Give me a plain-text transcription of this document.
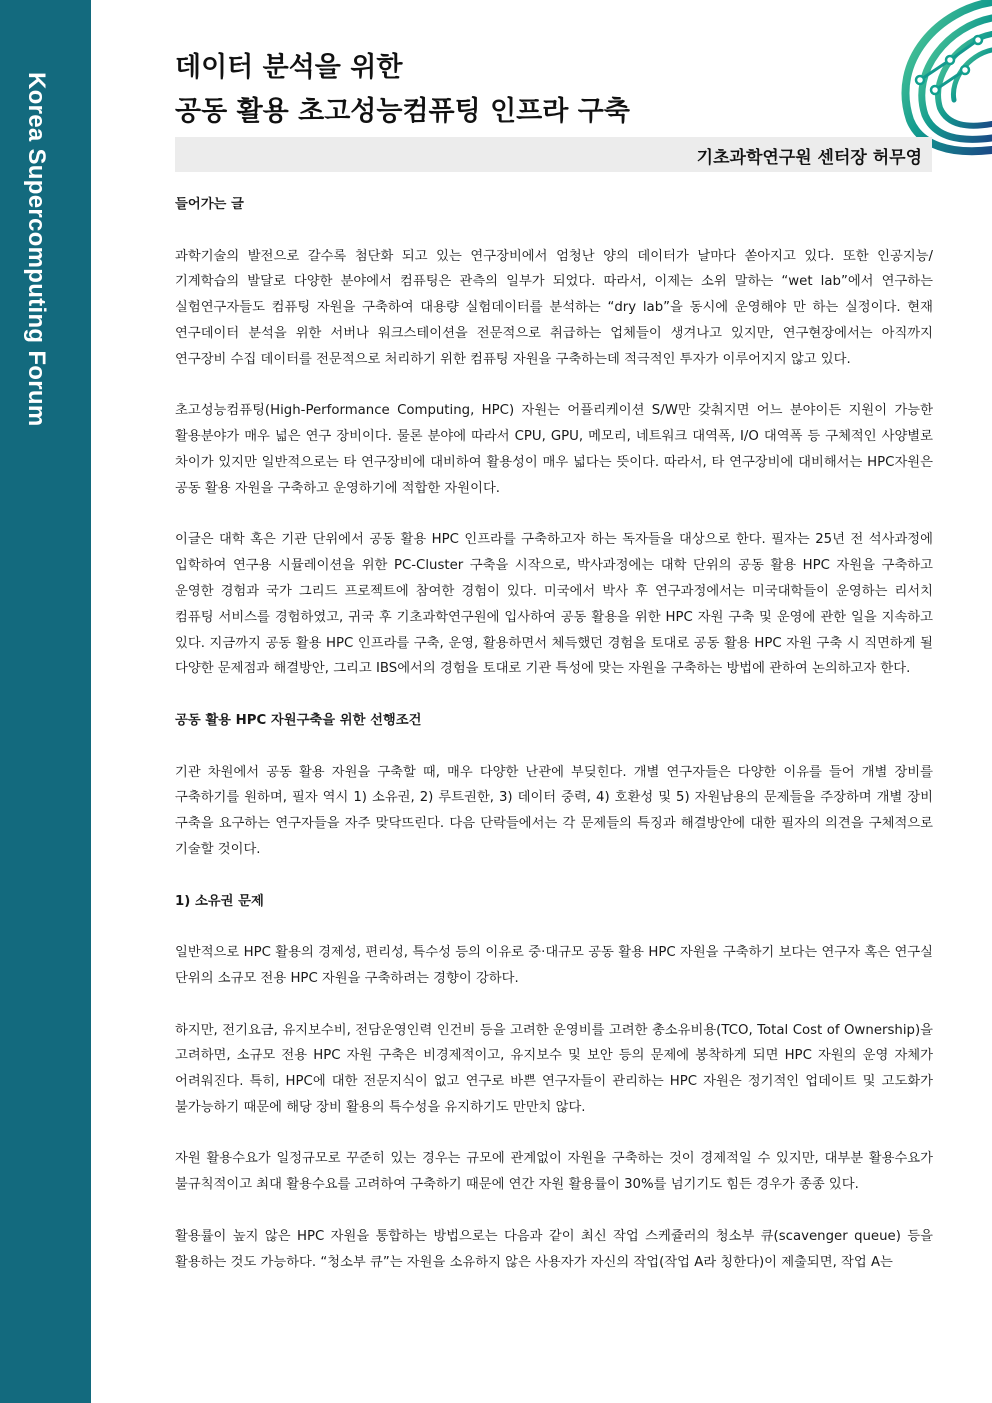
Korea Supercomputing Forum
데이터 분석을 위한
공동 활용 초고성능컴퓨팅 인프라 구축
기초과학연구원 센터장 허무영
들어가는 글

과학기술의 발전으로 갈수록 첨단화 되고 있는 연구장비에서 엄청난 양의 데이터가 날마다 쏟아지고 있다. 또한 인공지능/기계학습의 발달로 다양한 분야에서 컴퓨팅은 관측의 일부가 되었다. 따라서, 이제는 소위 말하는 “wet lab”에서 연구하는 실험연구자들도 컴퓨팅 자원을 구축하여 대용량 실험데이터를 분석하는 “dry lab”을 동시에 운영해야 만 하는 실정이다. 현재 연구데이터 분석을 위한 서버나 워크스테이션을 전문적으로 취급하는 업체들이 생겨나고 있지만, 연구현장에서는 아직까지 연구장비 수집 데이터를 전문적으로 처리하기 위한 컴퓨팅 자원을 구축하는데 적극적인 투자가 이루어지지 않고 있다.

초고성능컴퓨팅(High-Performance Computing, HPC) 자원는 어플리케이션 S/W만 갖춰지면 어느 분야이든 지원이 가능한 활용분야가 매우 넓은 연구 장비이다. 물론 분야에 따라서 CPU, GPU, 메모리, 네트워크 대역폭, I/O 대역폭 등 구체적인 사양별로 차이가 있지만 일반적으로는 타 연구장비에 대비하여 활용성이 매우 넓다는 뜻이다. 따라서, 타 연구장비에 대비해서는 HPC자원은 공동 활용 자원을 구축하고 운영하기에 적합한 자원이다.

이글은 대학 혹은 기관 단위에서 공동 활용 HPC 인프라를 구축하고자 하는 독자들을 대상으로 한다. 필자는 25년 전 석사과정에 입학하여 연구용 시뮬레이션을 위한 PC-Cluster 구축을 시작으로, 박사과정에는 대학 단위의 공동 활용 HPC 자원을 구축하고 운영한 경험과 국가 그리드 프로젝트에 참여한 경험이 있다. 미국에서 박사 후 연구과정에서는 미국대학들이 운영하는 리서치 컴퓨팅 서비스를 경험하였고, 귀국 후 기초과학연구원에 입사하여 공동 활용을 위한 HPC 자원 구축 및 운영에 관한 일을 지속하고 있다. 지금까지 공동 활용 HPC 인프라를 구축, 운영, 활용하면서 체득했던 경험을 토대로 공동 활용 HPC 자원 구축 시 직면하게 될 다양한 문제점과 해결방안, 그리고 IBS에서의 경험을 토대로 기관 특성에 맞는 자원을 구축하는 방법에 관하여 논의하고자 한다.

공동 활용 HPC 자원구축을 위한 선행조건

기관 차원에서 공동 활용 자원을 구축할 때, 매우 다양한 난관에 부딪힌다. 개별 연구자들은 다양한 이유를 들어 개별 장비를 구축하기를 원하며, 필자 역시 1) 소유권, 2) 루트권한, 3) 데이터 중력, 4) 호환성 및 5) 자원남용의 문제들을 주장하며 개별 장비 구축을 요구하는 연구자들을 자주 맞닥뜨린다. 다음 단락들에서는 각 문제들의 특징과 해결방안에 대한 필자의 의견을 구체적으로 기술할 것이다.

1) 소유권 문제

일반적으로 HPC 활용의 경제성, 편리성, 특수성 등의 이유로 중·대규모 공동 활용 HPC 자원을 구축하기 보다는 연구자 혹은 연구실 단위의 소규모 전용 HPC 자원을 구축하려는 경향이 강하다.

하지만, 전기요금, 유지보수비, 전담운영인력 인건비 등을 고려한 운영비를 고려한 총소유비용(TCO, Total Cost of Ownership)을 고려하면, 소규모 전용 HPC 자원 구축은 비경제적이고, 유지보수 및 보안 등의 문제에 봉착하게 되면 HPC 자원의 운영 자체가 어려워진다. 특히, HPC에 대한 전문지식이 없고 연구로 바쁜 연구자들이 관리하는 HPC 자원은 정기적인 업데이트 및 고도화가 불가능하기 때문에 해당 장비 활용의 특수성을 유지하기도 만만치 않다.

자원 활용수요가 일정규모로 꾸준히 있는 경우는 규모에 관계없이 자원을 구축하는 것이 경제적일 수 있지만, 대부분 활용수요가 불규칙적이고 최대 활용수요를 고려하여 구축하기 때문에 연간 자원 활용률이 30%를 넘기기도 힘든 경우가 종종 있다.

활용률이 높지 않은 HPC 자원을 통합하는 방법으로는 다음과 같이 최신 작업 스케쥴러의 청소부 큐(scavenger queue) 등을 활용하는 것도 가능하다. “청소부 큐”는 자원을 소유하지 않은 사용자가 자신의 작업(작업 A라 칭한다)이 제출되면, 작업 A는
